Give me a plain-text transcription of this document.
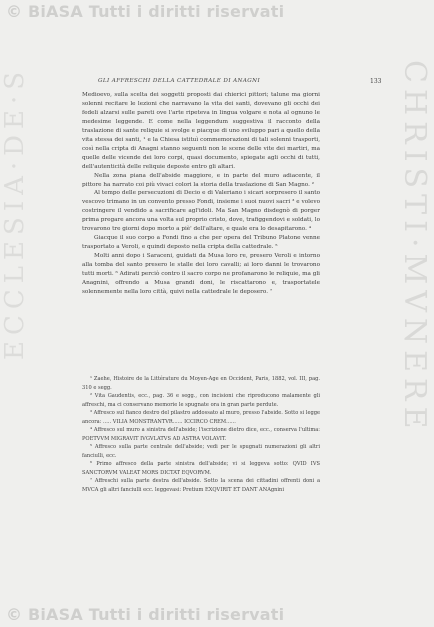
© BiASA Tutti i diritti riservati
ECCLESIA·DE·S	CHRISTI·MVNERE
GLI AFFRESCHI DELLA CATTEDRALE DI ANAGNI	133

Medioevo, sulla scelta dei soggetti proposti dai chierici pittori; talune ma giorni solenni recitare le lezioni che narravano la vita dei santi, dovevano gli occhi dei fedeli alzarsi sulle pareti ove l'arte ripeteva in lingua volgare e nota al ognuno le medesime leggende. E come nella leggendum suggestiva il racconto della traslazione di sante reliquie si svolge e piacque di uno sviluppo pari a quello della vita stessa dei santi, ¹ e la Chiesa istituì commemorazioni di tali solenni trasporti, così nella cripta di Anagni stanno seguenti non le scene delle vite dei martiri, ma quelle delle vicende dei loro corpi, quasi documento, spiegate agli occhi di tutti, dell'autenticità delle reliquie deposte entro gli altari.

Nella zona piana dell'abside maggiore, e in parte del muro adiacente, il pittore ha narrato coi più vivaci colori la storia della traslazione di San Magno. ²

Al tempo delle persecuzioni di Decio e di Valeriano i sicari sorpresero il santo vescovo trimano in un convento presso Fondi, insieme i suoi nuovi sacri ³ e volevo costringere il vendido a sacrificare agl'idoli. Ma San Magno disdegnò di porger prima pregare ancora una volta sul proprio cristo, dove, trafiggendovi e soldati, lo trovarono tre giorni dopo morto a piè' dell'altare, e quale era lo desapitarono. ⁴

Giacque il suo corpo a Fondi fino a che per opera del Tribuno Platone venne trasportato a Veroli, e quindi deposto nella cripta della cattedrale. ⁵

Molti anni dopo i Saraceni, guidati da Musa loro re, presero Veroli e intorno alla tomba del santo presero le stalle dei loro cavalli; ai loro danni le trovarono tutti morti. ⁶ Adirati perciò contro il sacro corpo ne profanarono le reliquie, ma gli Anagnini, offrendo a Musa grandi doni, le riscattarono e, trasportatele solennemente nella loro città, quivi nella cattedrale le deposero. ⁷

¹ Zaehe, Histoire de la Littérature du Moyen-Age en Occident, Paris, 1882, vol. III, pag. 310 e segg.

² Vita Gaudentis, ecc., pag. 36 e segg., con incisioni che riproducono malamente gli affreschi, ma ci conservano memorie le spugnate ora in gran parte perdute.

³ Affresco sul fianco destro del pilastro addossato al muro, presso l'abside. Sotto si legge ancora: ..... VILIA MONSTRANTVR...... ICCIRCO CREM......

⁴ Affresco sul muro a sinistra dell'abside; l'iscrizione dietro dice, ecc., conserva l'ultima: POETVVM MIGRAVIT IVGVLATVS AD ASTRA VOLAVIT.

⁵ Affresco sulla parte centrale dell'abside; vedi per le spugnati numerazioni gli altri fanciulli, ecc.

⁶ Primo affresco della parte sinistra dell'abside; vi si leggeva sotto: QVID IVS SANCTORVM VALEAT MORS DICTAT EQVORVM.

⁷ Affreschi sulla parte destra dell'abside. Sotto la scena dei cittadini offrenti doni a MVCA gli altri fanciulli ecc. leggevasi: Pretium EXQVIRIT ET DANT ANAgnini

© BiASA Tutti i diritti riservati
